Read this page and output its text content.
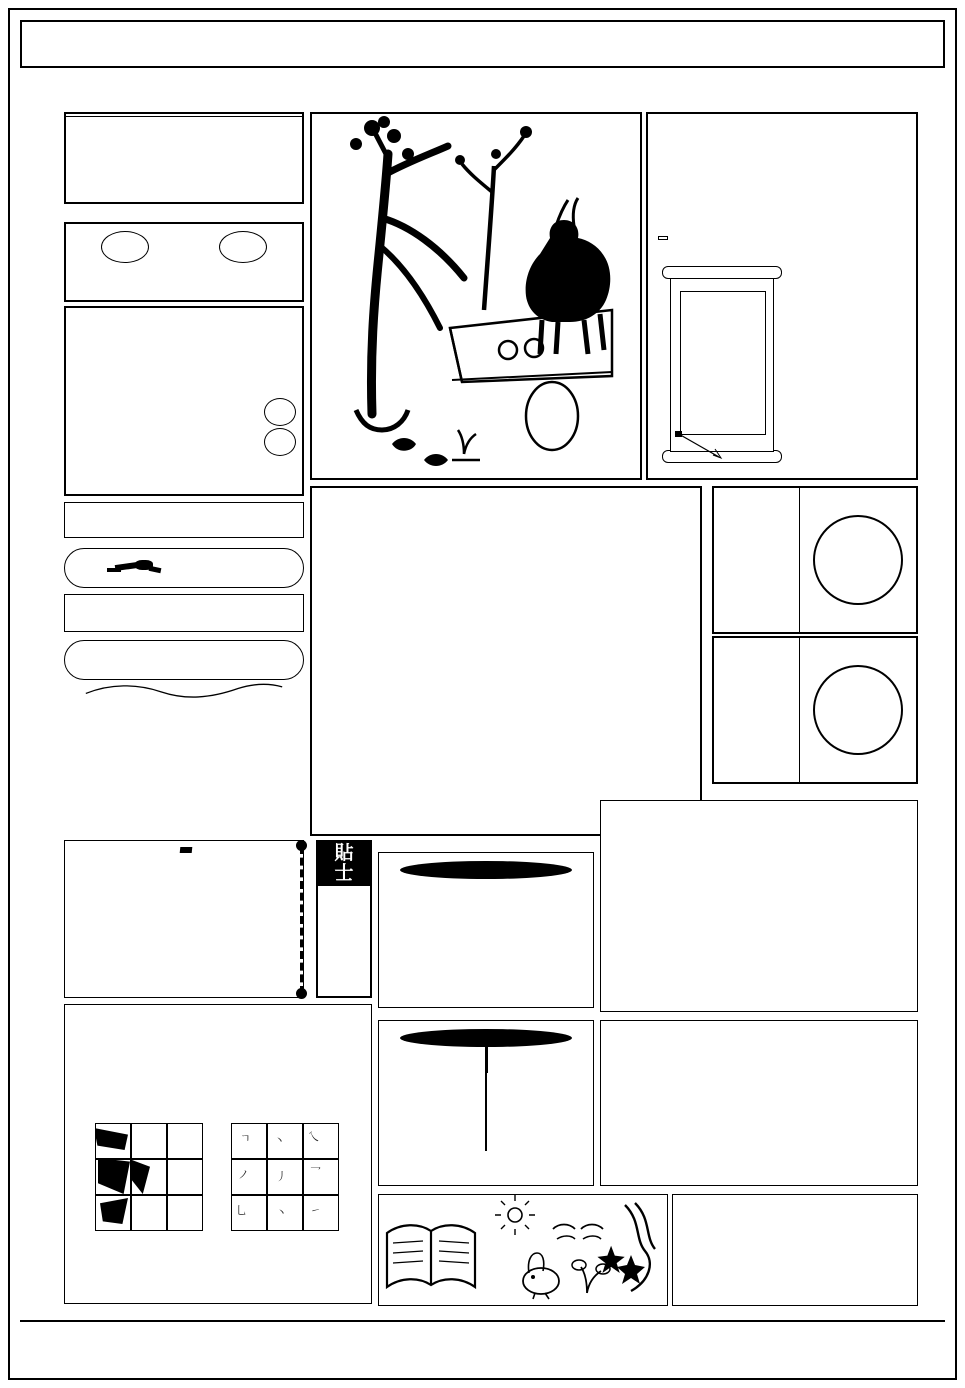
貼
士
ㄱ 丶 乀
ノ 丿 乛
乚	丶 ㇀
